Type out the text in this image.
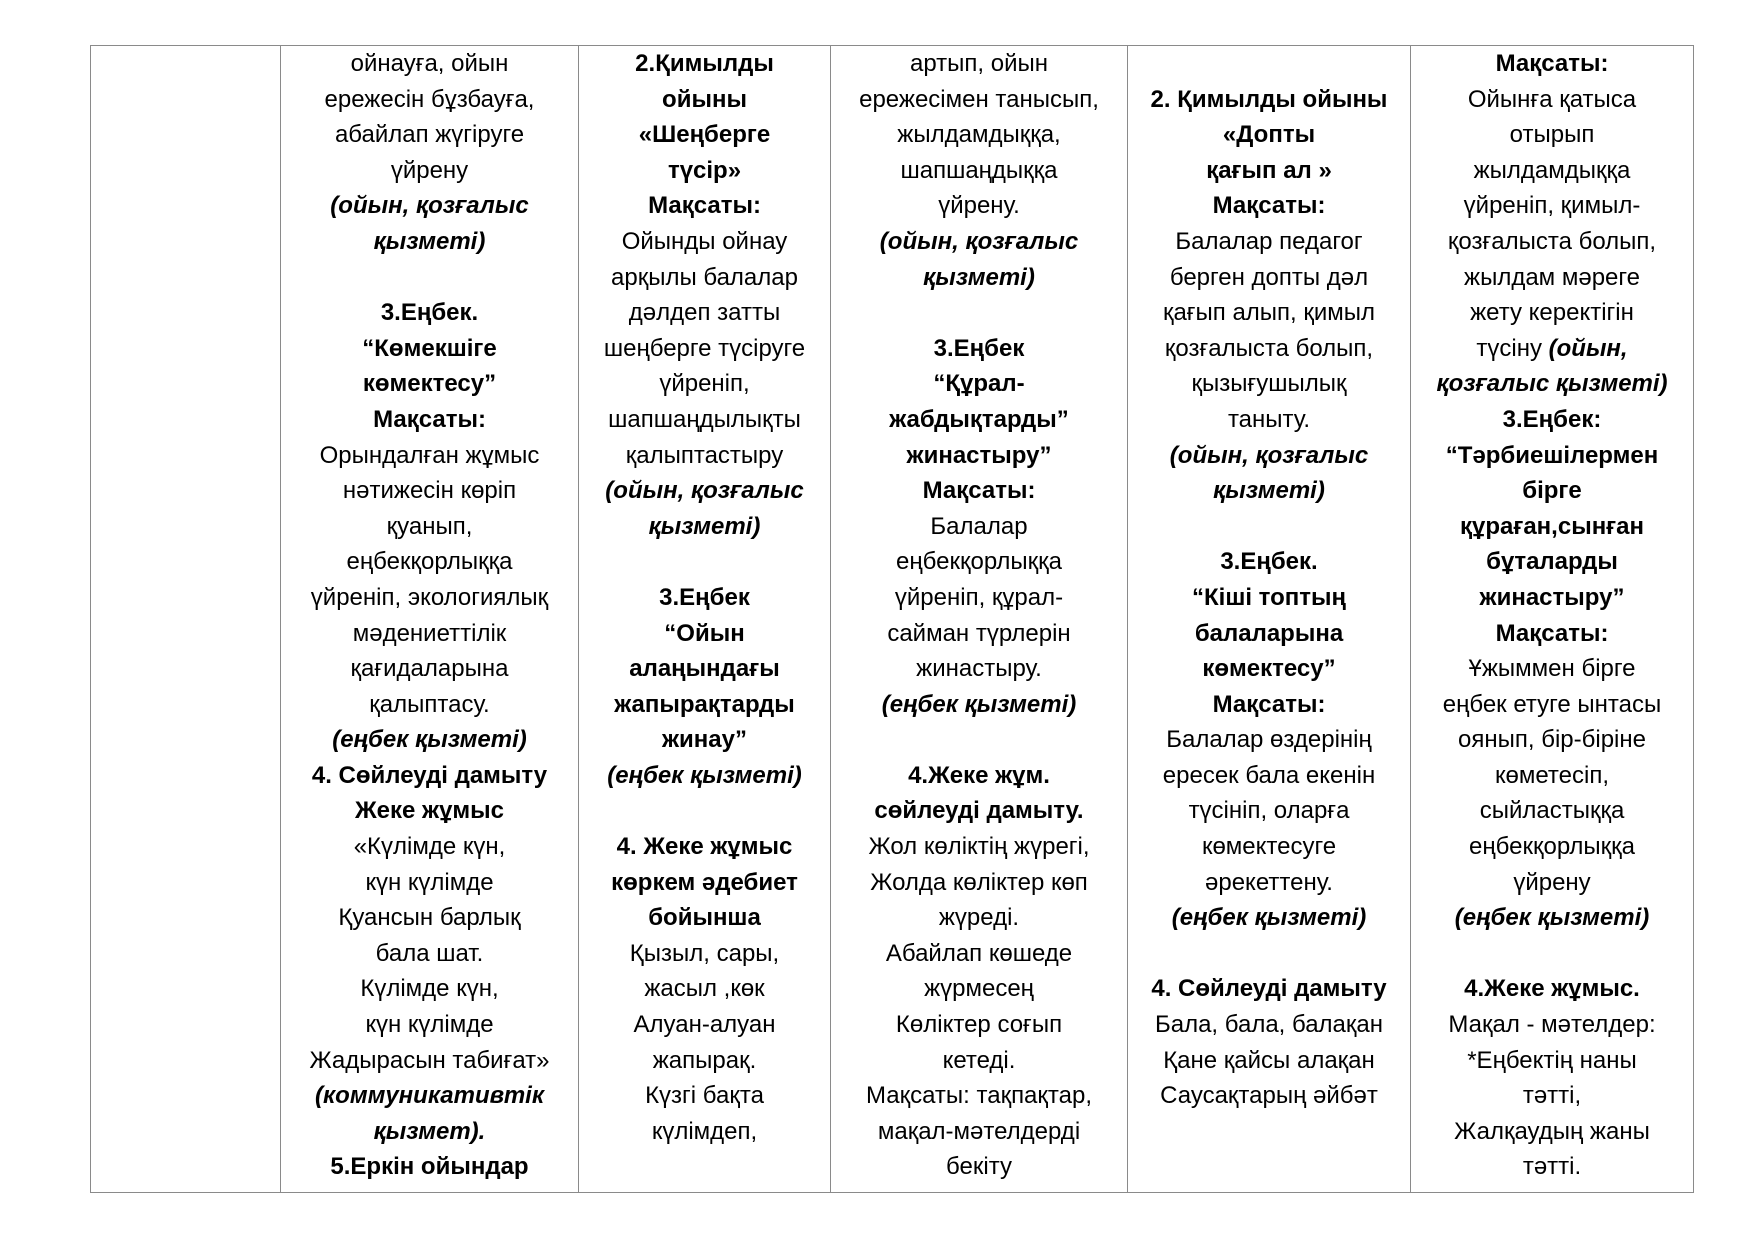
ойнауға, ойын
ережесін бұзбауға,
абайлап жүгіруге
үйрену
(ойын, қозғалыс
қызметі)
3.Еңбек.
“Көмекшіге
көмектесу”
Мақсаты:
Орындалған жұмыс
нәтижесін көріп
қуанып,
еңбекқорлыққа
үйреніп, экологиялық
мәдениеттілік
қағидаларына
қалыптасу.
(еңбек қызметі)
4. Сөйлеуді дамыту
Жеке жұмыс
«Күлімде күн,
күн күлімде
Қуансын барлық
бала шат.
Күлімде күн,
күн күлімде
Жадырасын табиғат»
(коммуникативтік
қызмет).
5.Еркін ойындар
2.Қимылды
ойыны
«Шеңберге
түсір»
Мақсаты:
Ойынды ойнау
арқылы балалар
дәлдеп затты
шеңберге түсіруге
үйреніп,
шапшаңдылықты
қалыптастыру
(ойын, қозғалыс
қызметі)
3.Еңбек
“Ойын
алаңындағы
жапырақтарды
жинау”
(еңбек қызметі)
4. Жеке жұмыс
көркем әдебиет
бойынша
Қызыл, сары,
жасыл ,көк
Алуан-алуан
жапырақ.
Күзгі бақта
күлімдеп,
артып, ойын
ережесімен танысып,
жылдамдыққа,
шапшаңдыққа
үйрену.
(ойын, қозғалыс
қызметі)
3.Еңбек
“Құрал-
жабдықтарды”
жинастыру”
Мақсаты:
Балалар
еңбекқорлыққа
үйреніп, құрал-
сайман түрлерін
жинастыру.
(еңбек қызметі)
4.Жеке жұм.
сөйлеуді дамыту.
Жол көліктің жүрегі,
Жолда көліктер көп
жүреді.
Абайлап көшеде
жүрмесең
Көліктер соғып
кетеді.
Мақсаты: тақпақтар,
мақал-мәтелдерді
бекіту
2. Қимылды ойыны
«Допты
қағып ал »
Мақсаты:
Балалар педагог
берген допты дәл
қағып алып, қимыл
қозғалыста болып,
қызығушылық
таныту.
(ойын, қозғалыс
қызметі)
3.Еңбек.
“Кіші топтың
балаларына
көмектесу”
Мақсаты:
Балалар өздерінің
ересек бала екенін
түсініп, оларға
көмектесуге
әрекеттену.
(еңбек қызметі)
4. Сөйлеуді дамыту
Бала, бала, балақан
Қане қайсы алақан
Саусақтарың әйбәт
Мақсаты:
Ойынға қатыса
отырып
жылдамдыққа
үйреніп, қимыл-
қозғалыста болып,
жылдам мәреге
жету керектігін
түсіну (ойын,
қозғалыс қызметі)
3.Еңбек:
“Тәрбиешілермен
бірге
құраған,сынған
бұталарды
жинастыру”
Мақсаты:
Ұжыммен бірге
еңбек етуге ынтасы
оянып, бір-біріне
көметесіп,
сыйластыққа
еңбекқорлыққа
үйрену
(еңбек қызметі)
4.Жеке жұмыс.
Мақал - мәтелдер:
*Еңбектің наны
тәтті,
Жалқаудың жаны
тәтті.
